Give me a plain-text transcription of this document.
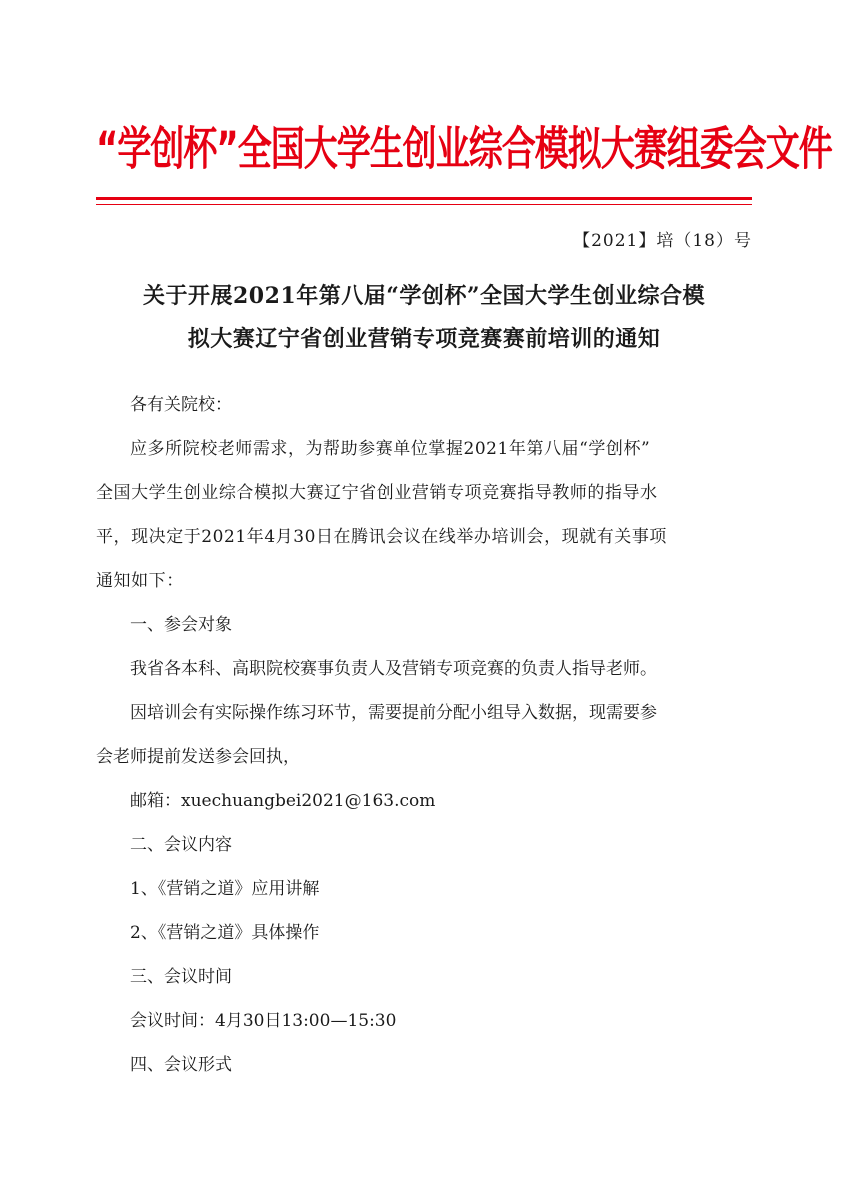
“学创杯”全国大学生创业综合模拟大赛组委会文件
【2021】培（18）号
关于开展2021年第八届“学创杯”全国大学生创业综合模
拟大赛辽宁省创业营销专项竞赛赛前培训的通知

各有关院校：

应多所院校老师需求，为帮助参赛单位掌握2021年第八届“学创杯”

全国大学生创业综合模拟大赛辽宁省创业营销专项竞赛指导教师的指导水

平，现决定于2021年4月30日在腾讯会议在线举办培训会，现就有关事项

通知如下：

一、参会对象

我省各本科、高职院校赛事负责人及营销专项竞赛的负责人指导老师。

因培训会有实际操作练习环节，需要提前分配小组导入数据，现需要参

会老师提前发送参会回执，

邮箱：xuechuangbei2021@163.com

二、会议内容

1、《营销之道》应用讲解

2、《营销之道》具体操作

三、会议时间

会议时间：4月30日13:00—15:30

四、会议形式
